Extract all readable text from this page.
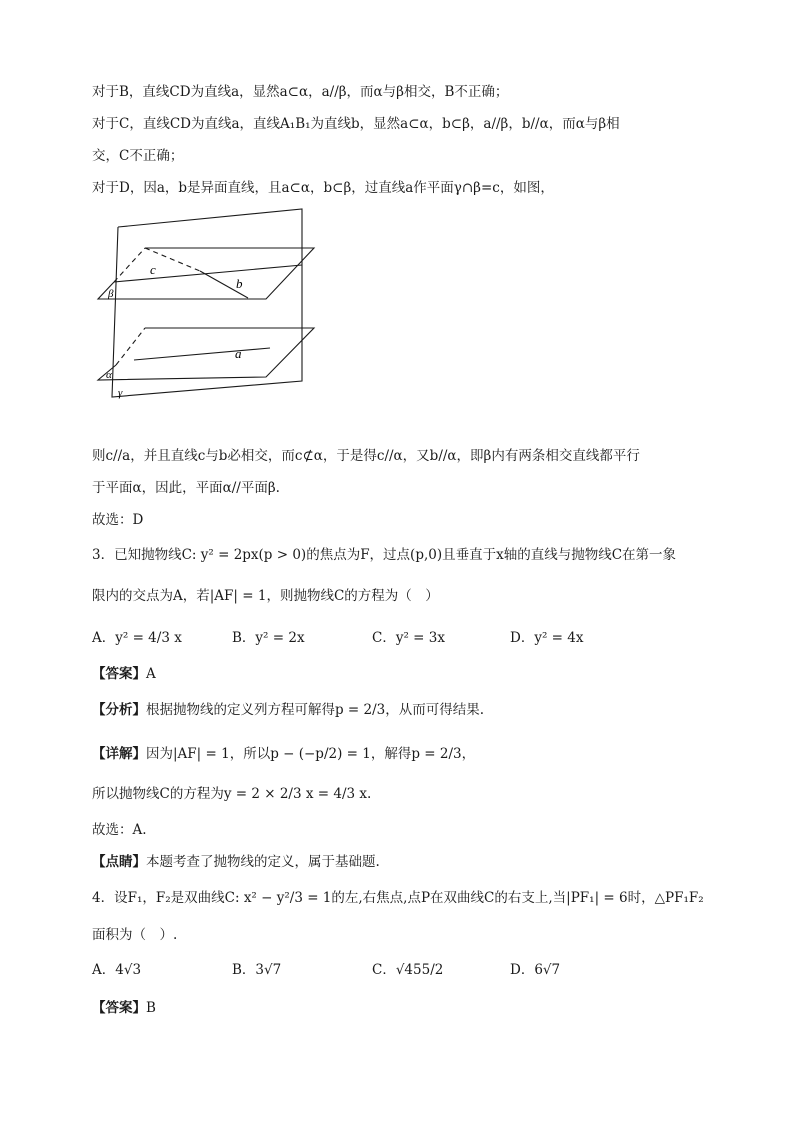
对于B，直线CD为直线a，显然a⊂α，a//β，而α与β相交，B不正确；
对于C，直线CD为直线a，直线A₁B₁为直线b，显然a⊂α，b⊂β，a//β，b//α，而α与β相
交，C不正确；
对于D，因a，b是异面直线，且a⊂α，b⊂β，过直线a作平面γ∩β=c，如图，
c
b
β
a
α
γ
则c//a，并且直线c与b必相交，而c⊄α，于是得c//α，又b//α，即β内有两条相交直线都平行
于平面α，因此，平面α//平面β.
故选：D
3．已知抛物线C: y² = 2px(p > 0)的焦点为F，过点(p,0)且垂直于x轴的直线与抛物线C在第一象
限内的交点为A，若|AF| = 1，则抛物线C的方程为（　）
A．y² = 4/3 x	B．y² = 2x	C．y² = 3x	D．y² = 4x
【答案】A
【分析】根据抛物线的定义列方程可解得p = 2/3，从而可得结果.
【详解】因为|AF| = 1，所以p − (−p/2) = 1，解得p = 2/3，
所以抛物线C的方程为y = 2 × 2/3 x = 4/3 x.
故选：A.
【点睛】本题考查了抛物线的定义，属于基础题.
4．设F₁，F₂是双曲线C: x² − y²/3 = 1的左,右焦点,点P在双曲线C的右支上,当|PF₁| = 6时，△PF₁F₂
面积为（　）.
A．4√3	B．3√7	C．√455/2	D．6√7
【答案】B
